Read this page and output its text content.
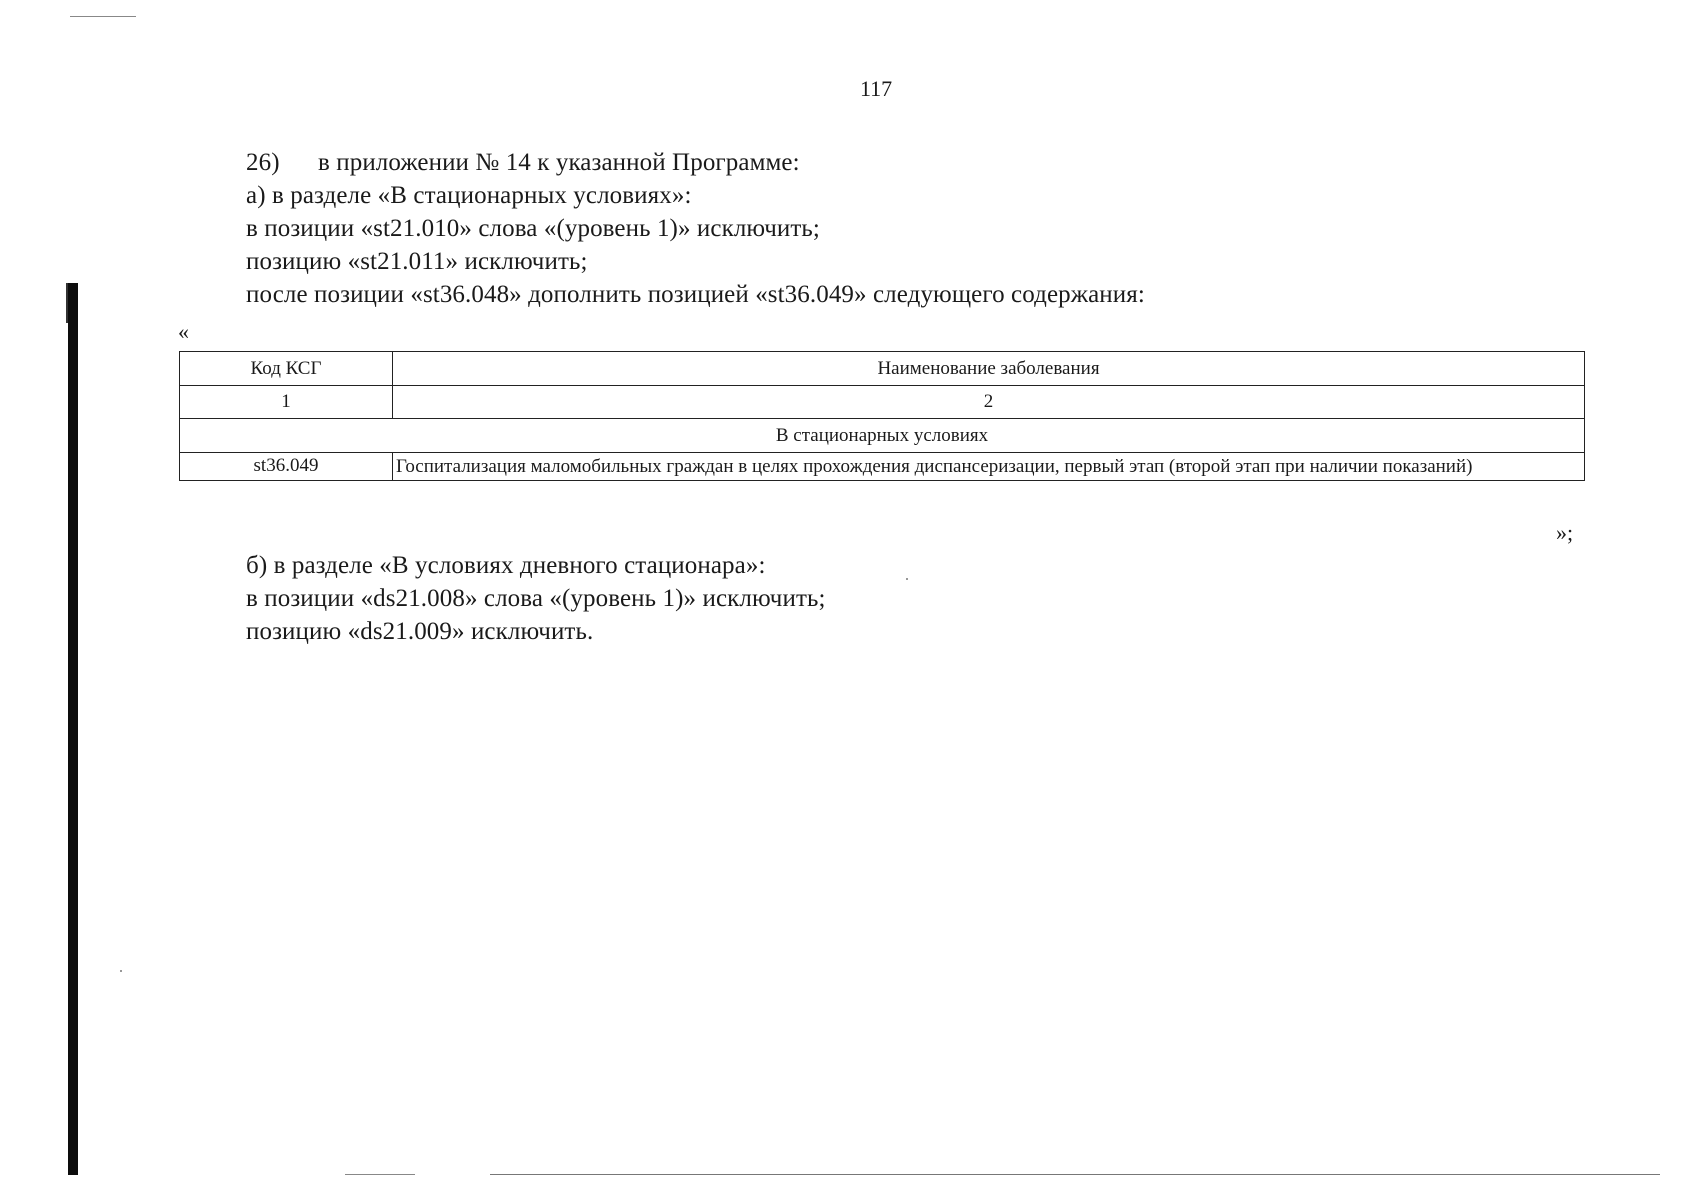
117
26) в приложении № 14 к указанной Программе:
а) в разделе «В стационарных условиях»:
в позиции «st21.010» слова «(уровень 1)» исключить;
позицию «st21.011» исключить;
после позиции «st36.048» дополнить позицией «st36.049» следующего содержания:
«
Код КСГ	Наименование заболевания
1	2
В стационарных условиях	
st36.049	Госпитализация маломобильных граждан в целях прохождения диспансеризации, первый этап (второй этап при наличии показаний)
»;
б) в разделе «В условиях дневного стационара»:
в позиции «ds21.008» слова «(уровень 1)» исключить;
позицию «ds21.009» исключить.
